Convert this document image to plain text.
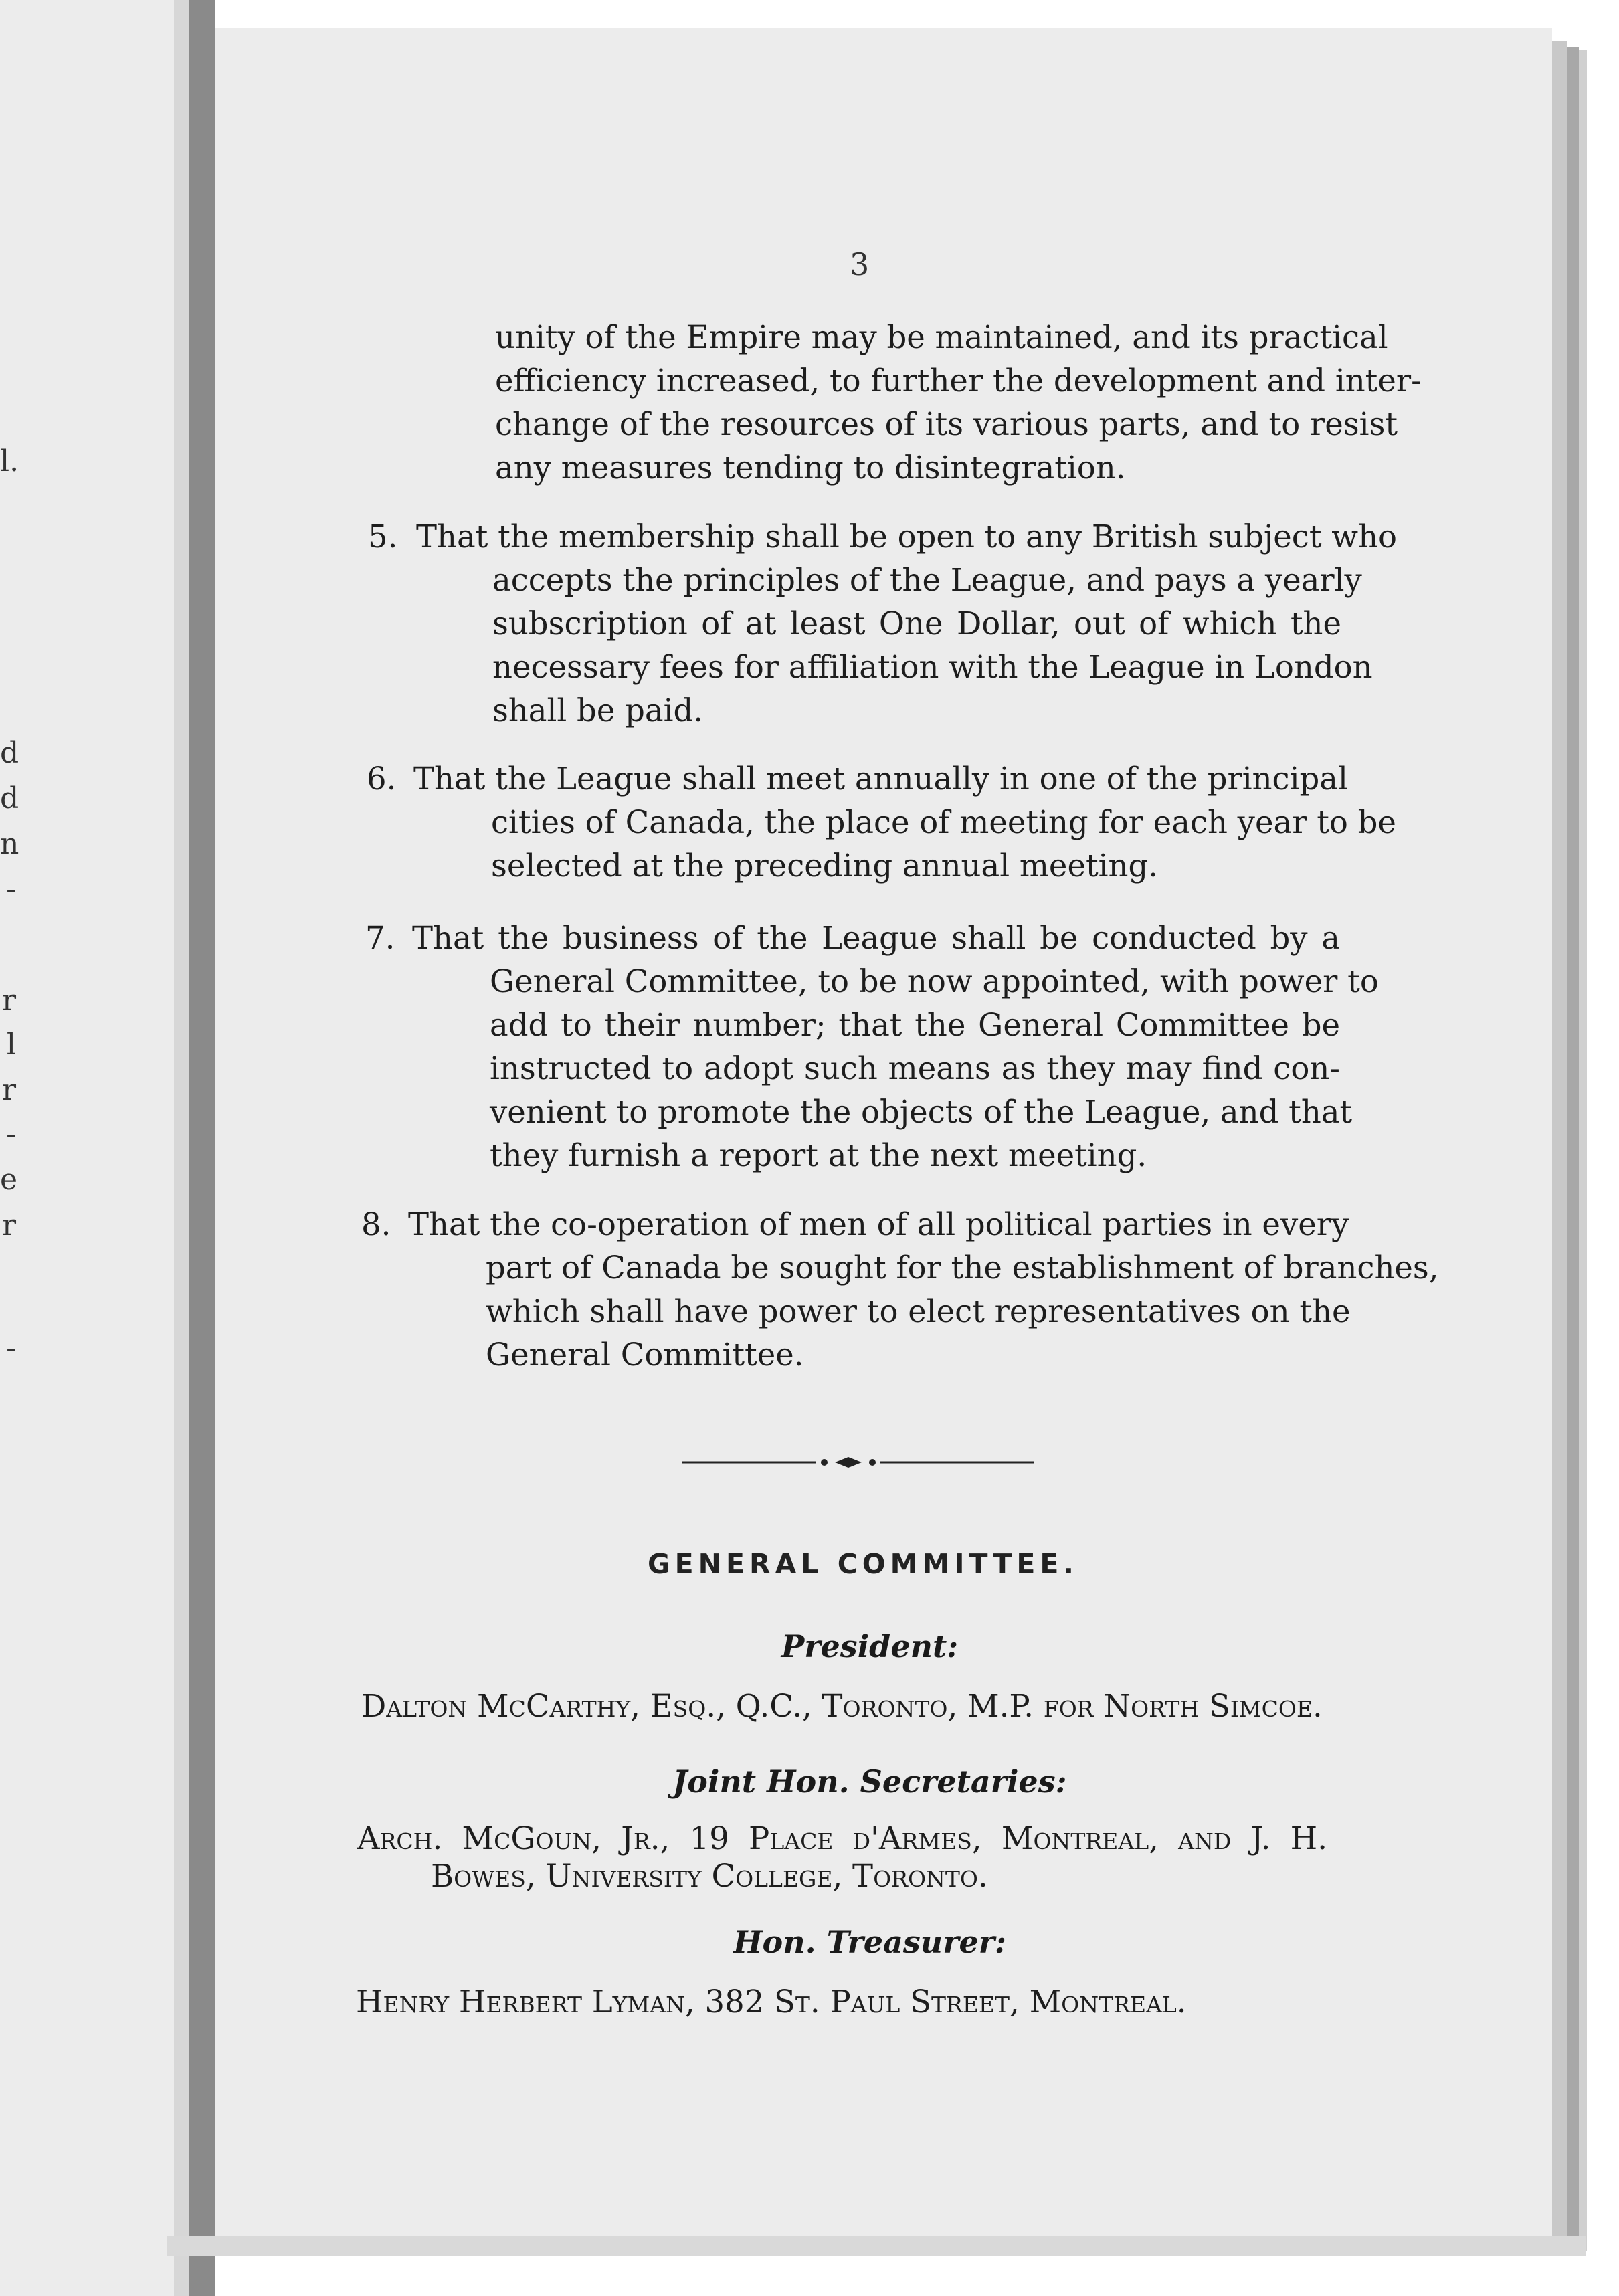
l.
d
d
n
-
r
l
r
-
e
r
-
3
unity of the Empire may be maintained, and its practical
efficiency increased, to further the development and inter-
change of the resources of its various parts, and to resist
any measures tending to disintegration.
5. That the membership shall be open to any British subject who
accepts the principles of the League, and pays a yearly
subscription of at least One Dollar, out of which the
necessary fees for affiliation with the League in London
shall be paid.
6. That the League shall meet annually in one of the principal
cities of Canada, the place of meeting for each year to be
selected at the preceding annual meeting.
7. That the business of the League shall be conducted by a
General Committee, to be now appointed, with power to
add to their number; that the General Committee be
instructed to adopt such means as they may find con-
venient to promote the objects of the League, and that
they furnish a report at the next meeting.
8. That the co-operation of men of all political parties in every
part of Canada be sought for the establishment of branches,
which shall have power to elect representatives on the
General Committee.
GENERAL COMMITTEE.
President:
Dalton McCarthy, Esq., Q.C., Toronto, M.P. for North Simcoe.
Joint Hon. Secretaries:
Arch. McGoun, Jr., 19 Place d'Armes, Montreal, and J. H.
Bowes, University College, Toronto.
Hon. Treasurer:
Henry Herbert Lyman, 382 St. Paul Street, Montreal.
